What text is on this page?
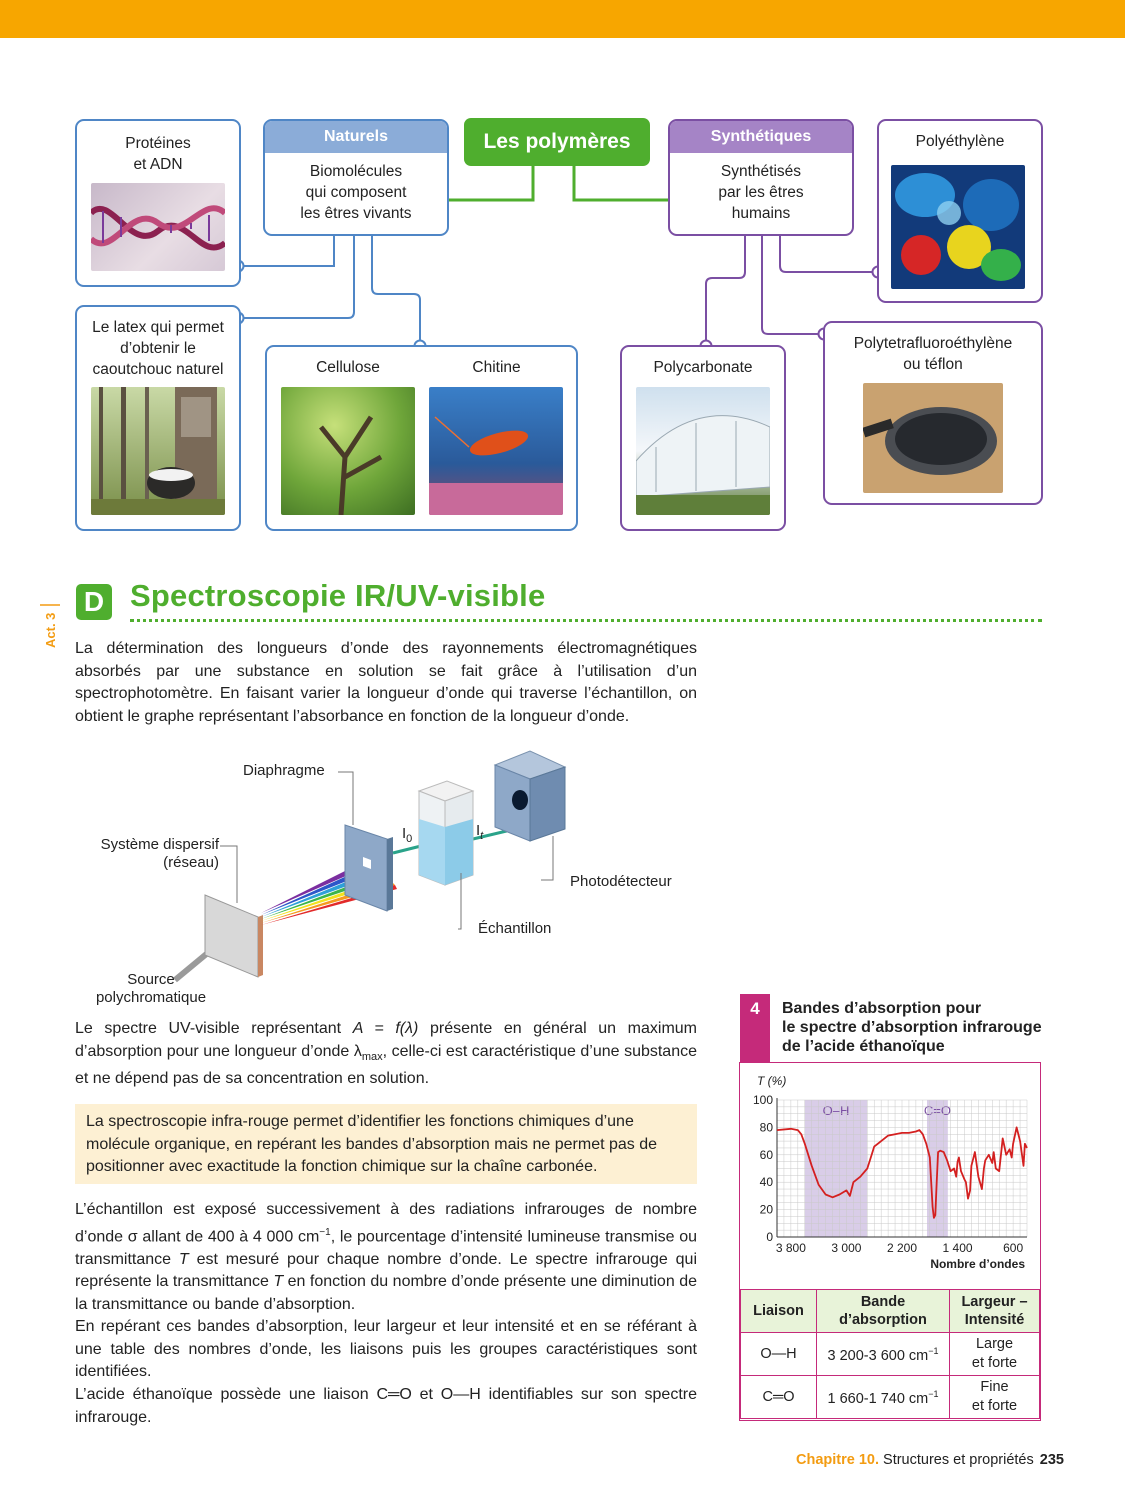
Protéines
et ADN
Naturels
Biomolécules
qui composent
les êtres vivants
Les polymères	Synthétiques
Synthétisés
par les êtres
humains
Polyéthylène
Le latex qui permet
d’obtenir le
caoutchouc naturel	Cellulose	Chitine	Polycarbonate
Polytetrafluoroéthylène
ou téflon
Act. 3
D Spectroscopie IR/UV-visible

La détermination des longueurs d’onde des rayonnements électromagnétiques absorbés par une substance en solution se fait grâce à l’utilisation d’un spectrophotomètre. En faisant varier la longueur d’onde qui traverse l’échantillon, on obtient le graphe représentant l’absorbance en fonction de la longueur d’onde.

Diaphragme
Système dispersif
(réseau)
$I_0$	$I_t$
Photodétecteur
Échantillon
Source
polychromatique

Le spectre UV-visible représentant A = f(λ) présente en général un maximum d’absorption pour une longueur d’onde $\lambda_{max}$, celle-ci est caractéristique d’une substance et ne dépend pas de sa concentration en solution.

La spectroscopie infra-rouge permet d’identifier les fonctions chimiques d’une molécule organique, en repérant les bandes d’absorption mais ne permet pas de positionner avec exactitude la fonction chimique sur la chaîne carbonée.

L’échantillon est exposé successivement à des radiations infrarouges de nombre d’onde σ allant de 400 à 4 000 $cm^{-1}$, le pourcentage d’intensité lumineuse transmise ou transmittance T est mesuré pour chaque nombre d’onde. Le spectre infrarouge qui représente la transmittance T en fonction du nombre d’onde présente une diminution de la transmittance ou bande d’absorption.

En repérant ces bandes d’absorption, leur largeur et leur intensité et en se référant à une table des nombres d’onde, les liaisons puis les groupes caractéristiques sont identifiées.

L’acide éthanoïque possède une liaison C═O et O—H identifiables sur son spectre infrarouge.

4	Bandes d’absorption pour
le spectre d’absorption infrarouge
de l’acide éthanoïque
O–H	C=O
0
20
40
60
80
100
3 800 3 000 2 200 1 400	600
T (%)
Nombre d’ondes
Liaison	Bande d’absorption	Largeur – Intensité
O—H	3 200-3 600 $cm^{-1}$	Large
et forte
C═O	1 660-1 740 $cm^{-1}$	Fine
et forte
Chapitre 10. Structures et propriétés 235
